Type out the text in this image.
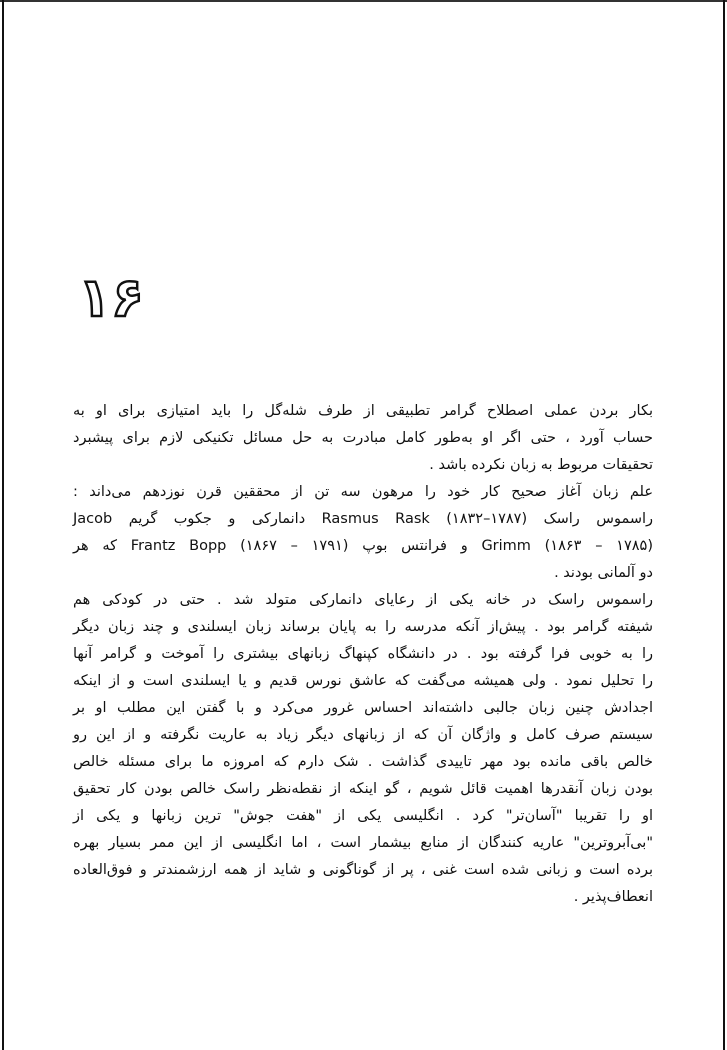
۱۶

بکار بردن عملی اصطلاح گرامر تطبیقی از طرف شله‌گل را باید امتیازی برای او به
حساب آورد ، حتی اگر او به‌طور کامل مبادرت به حل مسائل تکنیکی لازم برای پیشبرد
تحقیقات مربوط به زبان نکرده باشد .

علم زبان آغاز صحیح کار خود را مرهون سه تن از محققین قرن نوزدهم می‌داند :
راسموس راسک Rasmus Rask (۱۸۳۲–۱۷۸۷) دانمارکی و جکوب گریم Jacob
Grimm (۱۸۶۳ – ۱۷۸۵) و فرانتس بوپ Frantz Bopp (۱۸۶۷ – ۱۷۹۱) که هر
دو آلمانی بودند .

راسموس راسک در خانه یکی از رعایای دانمارکی متولد شد . حتی در کودکی هم
شیفته گرامر بود . پیش‌از آنکه مدرسه را به پایان برساند زبان ایسلندی و چند زبان دیگر
را به خوبی فرا گرفته بود . در دانشگاه کپنهاگ زبانهای بیشتری را آموخت و گرامر آنها
را تحلیل نمود . ولی همیشه می‌گفت که عاشق نورس قدیم و یا ایسلندی است و از اینکه
اجدادش چنین زبان جالبی داشته‌اند احساس غرور می‌کرد و با گفتن این مطلب او بر
سیستم صرف کامل و واژگان آن که از زبانهای دیگر زیاد به عاریت نگرفته و از این رو
خالص باقی مانده بود مهر تاییدی گذاشت . شک دارم که امروزه ما برای مسئله خالص
بودن زبان آنقدرها اهمیت قائل شویم ، گو اینکه از نقطه‌نظر راسک خالص بودن کار تحقیق
او را تقریبا "آسان‌تر" کرد . انگلیسی یکی از "هفت جوش" ترین زبانها و یکی از
"بی‌آبروترین" عاریه کنندگان از منابع بیشمار است ، اما انگلیسی از این ممر بسیار بهره
برده است و زبانی شده است غنی ، پر از گوناگونی و شاید از همه ارزشمندتر و فوق‌العاده
انعطاف‌پذیر .
